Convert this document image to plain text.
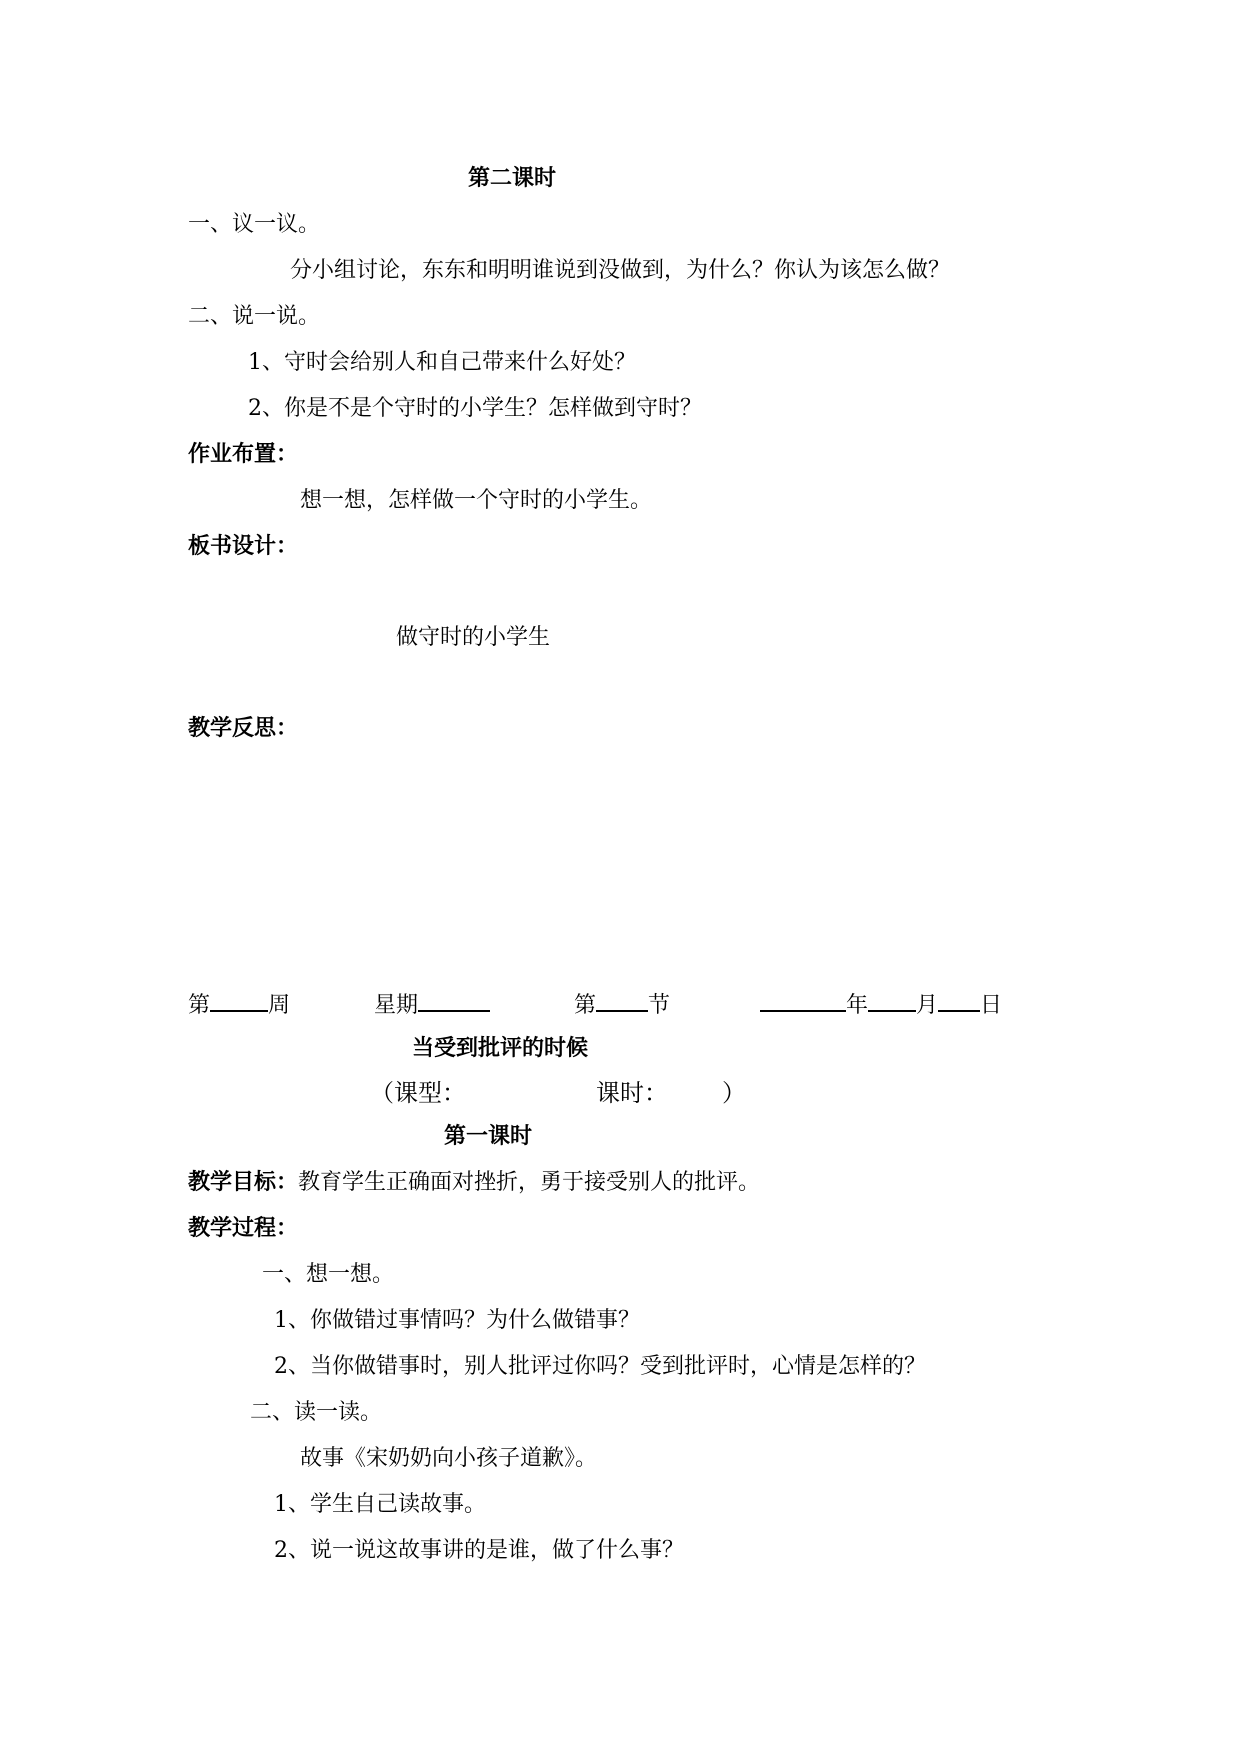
第二课时
一、议一议。
分小组讨论，东东和明明谁说到没做到，为什么？你认为该怎么做？
二、说一说。
1、守时会给别人和自己带来什么好处？
2、你是不是个守时的小学生？怎样做到守时？
作业布置：
想一想，怎样做一个守时的小学生。
板书设计：
做守时的小学生
教学反思：
第	周	星期	第 节	年 月 日
当受到批评的时候
（课型：	课时： ）
第一课时
教学目标：教育学生正确面对挫折，勇于接受别人的批评。
教学过程：
一、想一想。
1、你做错过事情吗？为什么做错事？
2、当你做错事时，别人批评过你吗？受到批评时，心情是怎样的？
二、读一读。
故事《宋奶奶向小孩子道歉》。
1、学生自己读故事。
2、说一说这故事讲的是谁，做了什么事？
